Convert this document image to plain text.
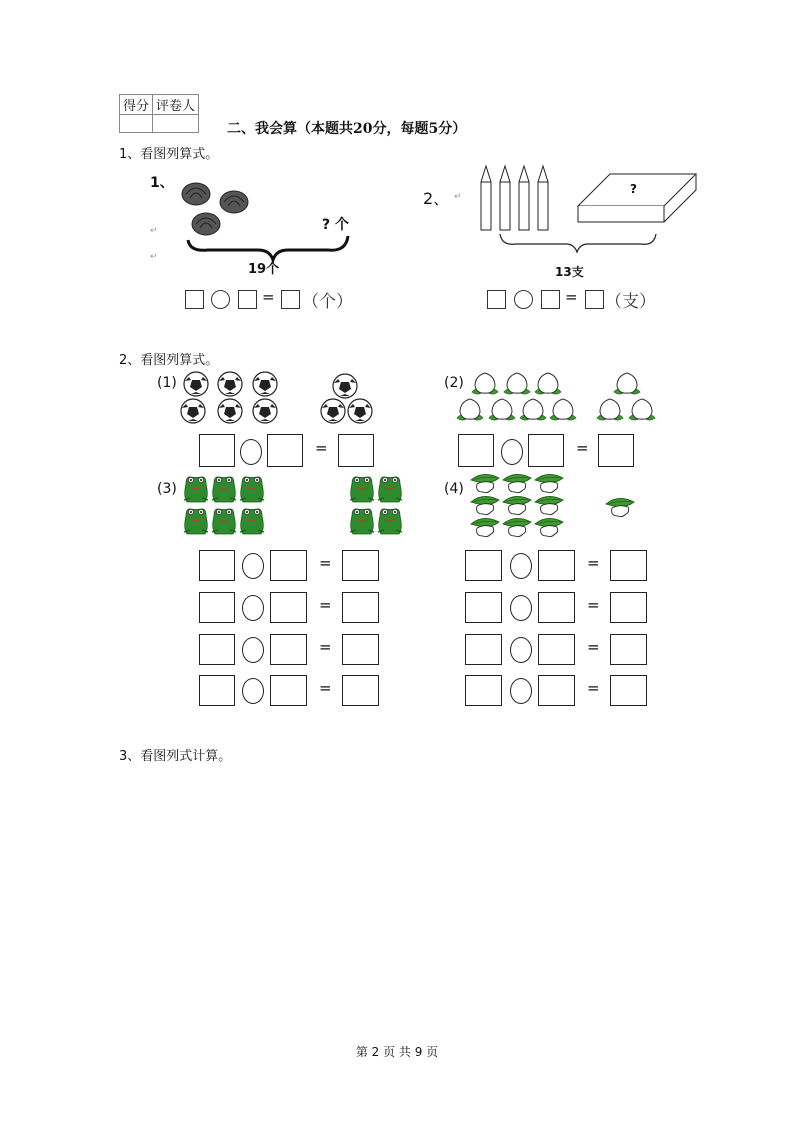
得分	评卷人

二、我会算（本题共20分，每题5分）
1、看图列算式。
1、
? 个
19个
↵
↵
= （个）
2、 ↵
?
13支
= （支）
2、看图列算式。
(1)
=
(2)
=
(3)	(4)
=
=
=
=
=
=
=
=
3、看图列式计算。
第 2 页 共 9 页
